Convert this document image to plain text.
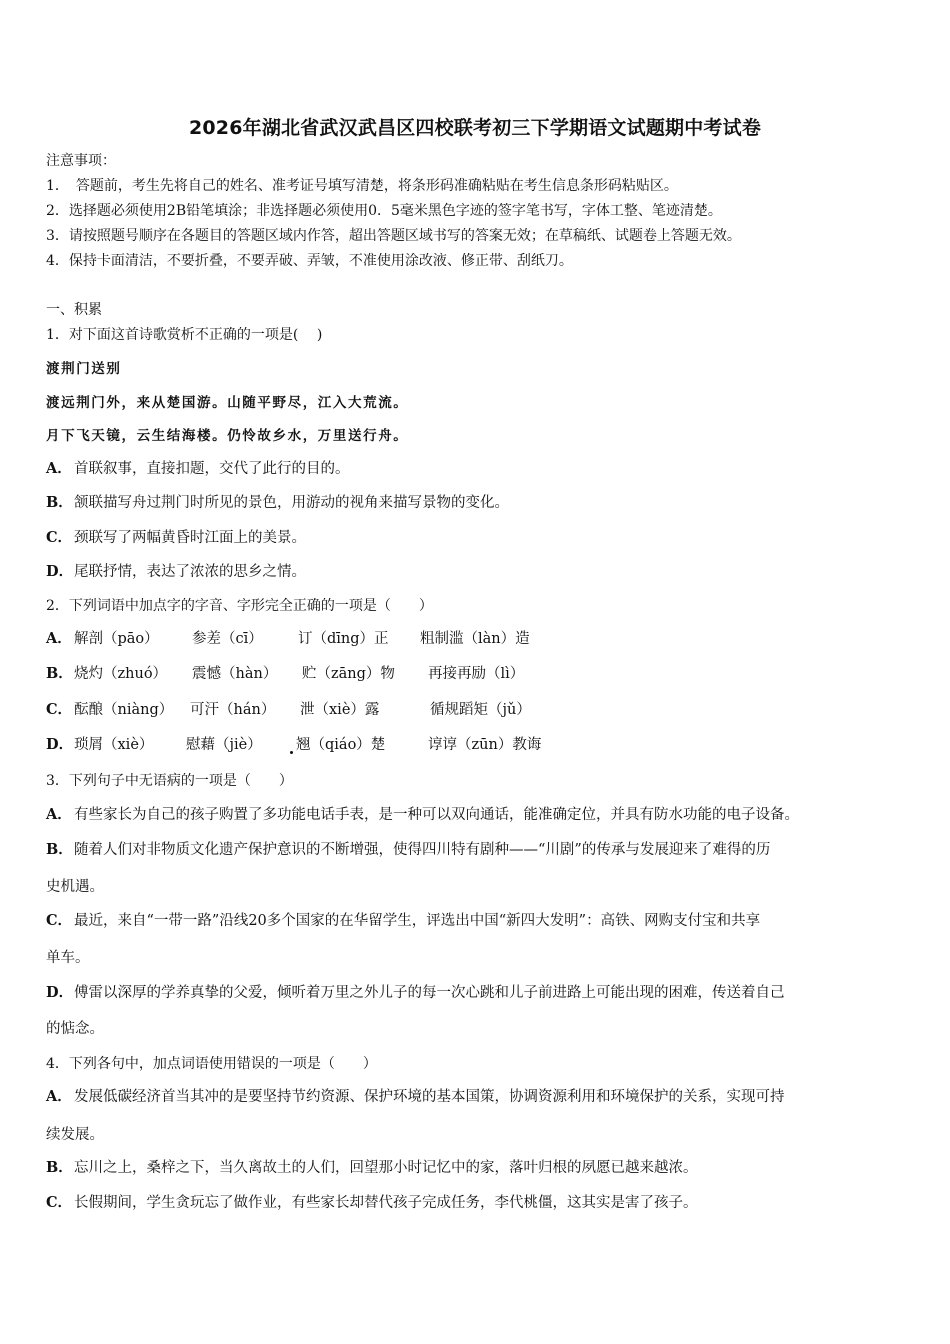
2026年湖北省武汉武昌区四校联考初三下学期语文试题期中考试卷
注意事项：
1．　答题前，考生先将自己的姓名、准考证号填写清楚，将条形码准确粘贴在考生信息条形码粘贴区。
2．选择题必须使用2B铅笔填涂；非选择题必须使用0．5毫米黑色字迹的签字笔书写，字体工整、笔迹清楚。
3．请按照题号顺序在各题目的答题区域内作答，超出答题区域书写的答案无效；在草稿纸、试题卷上答题无效。
4．保持卡面清洁，不要折叠，不要弄破、弄皱，不准使用涂改液、修正带、刮纸刀。
一、积累
1．对下面这首诗歌赏析不正确的一项是(　 )
渡荆门送别
渡远荆门外，来从楚国游。山随平野尽，江入大荒流。
月下飞天镜，云生结海楼。仍怜故乡水，万里送行舟。
A． 首联叙事，直接扣题，交代了此行的目的。
B．颔联描写舟过荆门时所见的景色，用游动的视角来描写景物的变化。
C． 颈联写了两幅黄昏时江面上的美景。
D．尾联抒情，表达了浓浓的思乡之情。
2．下列词语中加点字的字音、字形完全正确的一项是（　　）
A． 解剖（pāo） 参差（cī） 订（dīng）正 粗制滥（làn）造
B． 烧灼（zhuó） 震憾（hàn） 贮（zāng）物 再接再励（lì）
C． 酝酿（niàng） 可汗（hán） 泄（xiè）露	循规蹈矩（jǔ）
D． 琐屑（xiè） 慰藉（jiè） 翘（qiáo）楚	谆谆（zūn）教诲
3．下列句子中无语病的一项是（　　）
A． 有些家长为自己的孩子购置了多功能电话手表，是一种可以双向通话，能准确定位，并具有防水功能的电子设备。
B．随着人们对非物质文化遗产保护意识的不断增强，使得四川特有剧种——“川剧”的传承与发展迎来了难得的历
史机遇。
C． 最近，来自“一带一路”沿线20多个国家的在华留学生，评选出中国“新四大发明”：高铁、网购支付宝和共享
单车。
D．傅雷以深厚的学养真挚的父爱，倾听着万里之外儿子的每一次心跳和儿子前进路上可能出现的困难，传送着自己
的惦念。
4．下列各句中，加点词语使用错误的一项是（　　）
A． 发展低碳经济首当其冲的是要坚持节约资源、保护环境的基本国策，协调资源利用和环境保护的关系，实现可持
续发展。
B．忘川之上，桑梓之下，当久离故土的人们，回望那小时记忆中的家，落叶归根的夙愿已越来越浓。
C． 长假期间，学生贪玩忘了做作业，有些家长却替代孩子完成任务，李代桃僵，这其实是害了孩子。
